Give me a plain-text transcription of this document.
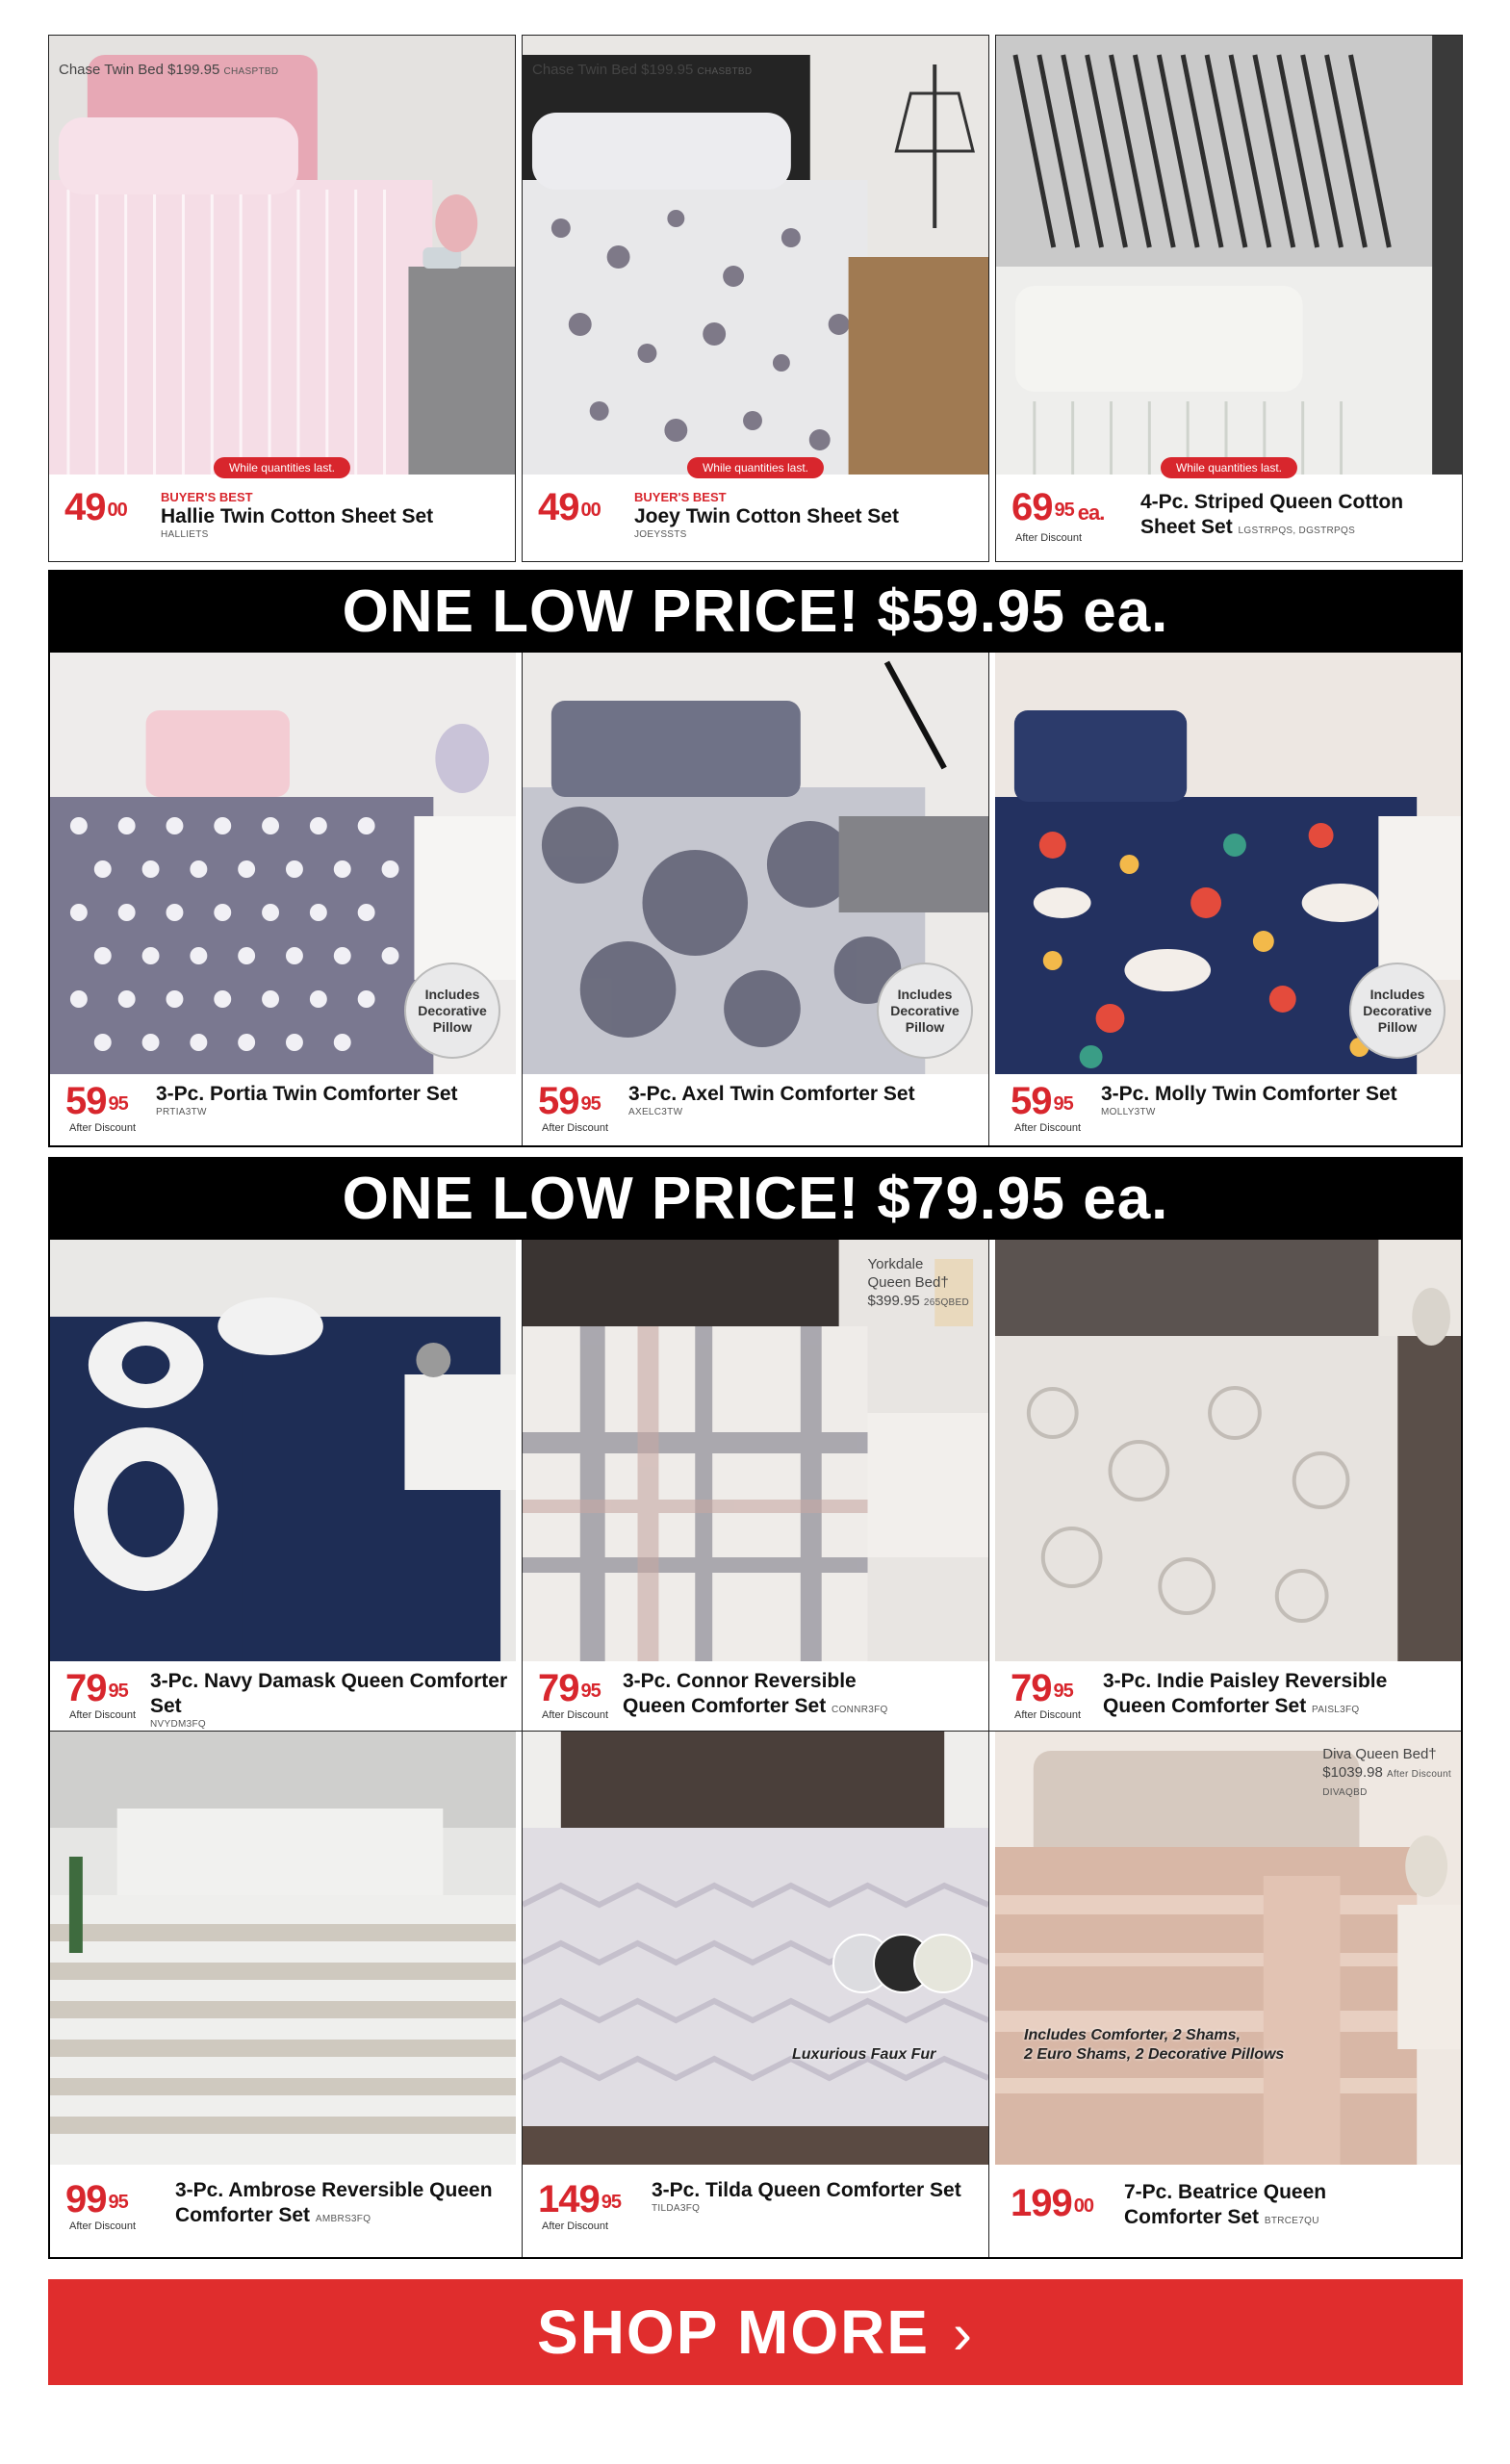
Chase Twin Bed $199.95 CHASPTBD
While quantities last.
49 $^{00}$
BUYER'S BEST
Hallie Twin Cotton Sheet Set
HALLIETS
Chase Twin Bed $199.95 CHASBTBD
While quantities last.
49 $^{00}$
BUYER'S BEST
Joey Twin Cotton Sheet Set
JOEYSSTS
While quantities last.
69 $^{95}$ ea.
After Discount
4-Pc. Striped Queen Cotton
Sheet Set LGSTRPQS, DGSTRPQS
ONE LOW PRICE! $59.95 ea.
Includes
Decorative
Pillow
59 $^{95}$
After Discount
3-Pc. Portia Twin Comforter Set
PRTIA3TW
Includes
Decorative
Pillow
59 $^{95}$
After Discount
3-Pc. Axel Twin Comforter Set
AXELC3TW
Includes
Decorative
Pillow
59 $^{95}$
After Discount
3-Pc. Molly Twin Comforter Set
MOLLY3TW
ONE LOW PRICE! $79.95 ea.
79 $^{95}$
After Discount
3-Pc. Navy Damask Queen Comforter Set
NVYDM3FQ
Yorkdale
Queen Bed†
$399.95 265QBED
79 $^{95}$
After Discount
3-Pc. Connor Reversible
Queen Comforter Set CONNR3FQ
79 $^{95}$
After Discount
3-Pc. Indie Paisley Reversible
Queen Comforter Set PAISL3FQ
99 $^{95}$
After Discount
3-Pc. Ambrose Reversible Queen
Comforter Set AMBRS3FQ
Luxurious Faux Fur
149 $^{95}$
After Discount
3-Pc. Tilda Queen Comforter Set
TILDA3FQ
Diva Queen Bed†
$1039.98 After Discount
DIVAQBD
Includes Comforter, 2 Shams,
2 Euro Shams, 2 Decorative Pillows
199 $^{00}$
7-Pc. Beatrice Queen
Comforter Set BTRCE7QU
SHOP MORE ›
